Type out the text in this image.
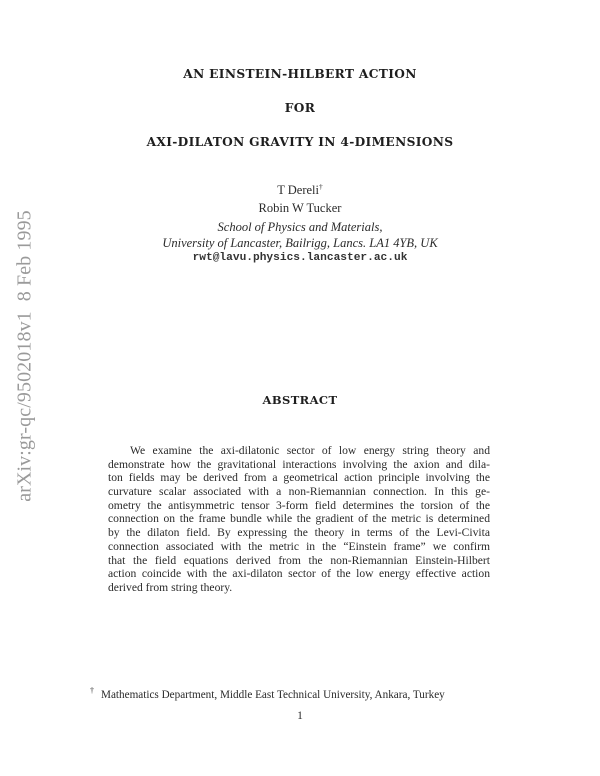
arXiv:gr-qc/9502018v18 Feb 1995
AN EINSTEIN-HILBERT ACTION
FOR
AXI-DILATON GRAVITY IN 4-DIMENSIONS
T Dereli†
Robin W Tucker
School of Physics and Materials,
University of Lancaster, Bailrigg, Lancs. LA1 4YB, UK
rwt@lavu.physics.lancaster.ac.uk
ABSTRACT
We examine the axi-dilatonic sector of low energy string theory and
demonstrate how the gravitational interactions involving the axion and dila-
ton fields may be derived from a geometrical action principle involving the
curvature scalar associated with a non-Riemannian connection. In this ge-
ometry the antisymmetric tensor 3-form field determines the torsion of the
connection on the frame bundle while the gradient of the metric is determined
by the dilaton field. By expressing the theory in terms of the Levi-Civita
connection associated with the metric in the “Einstein frame” we confirm
that the field equations derived from the non-Riemannian Einstein-Hilbert
action coincide with the axi-dilaton sector of the low energy effective action
derived from string theory.
† Mathematics Department, Middle East Technical University, Ankara, Turkey
1
